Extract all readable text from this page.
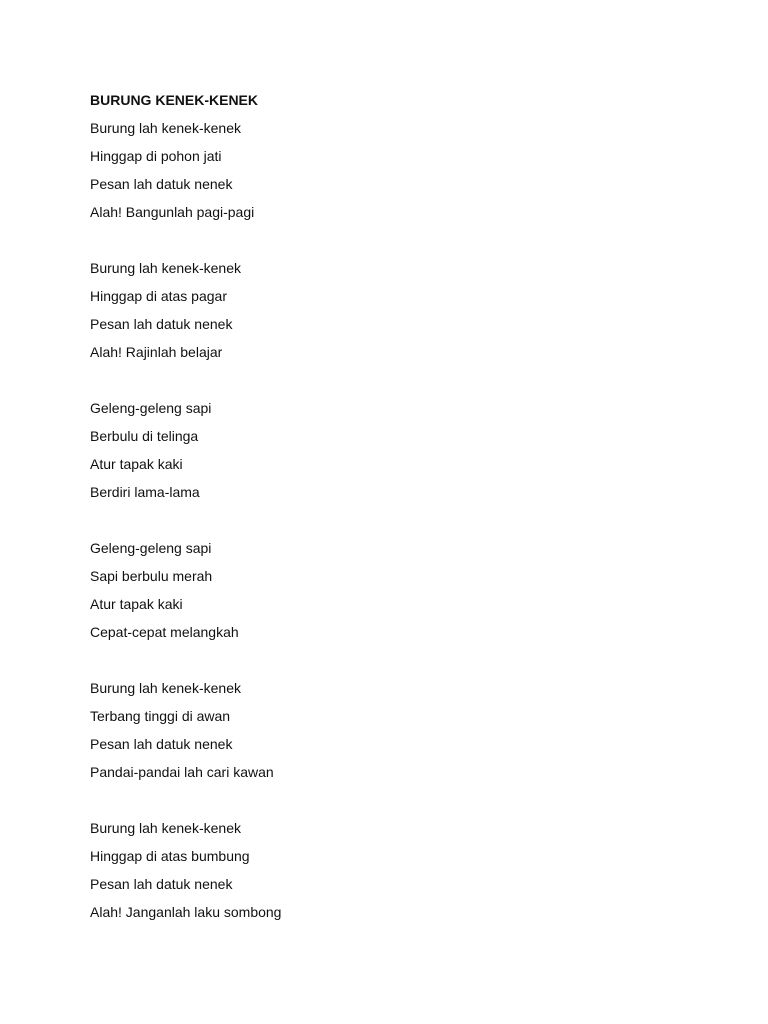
BURUNG KENEK-KENEK
Burung lah kenek-kenek
Hinggap di pohon jati
Pesan lah datuk nenek
Alah! Bangunlah pagi-pagi
Burung lah kenek-kenek
Hinggap di atas pagar
Pesan lah datuk nenek
Alah! Rajinlah belajar
Geleng-geleng sapi
Berbulu di telinga
Atur tapak kaki
Berdiri lama-lama
Geleng-geleng sapi
Sapi berbulu merah
Atur tapak kaki
Cepat-cepat melangkah
Burung lah kenek-kenek
Terbang tinggi di awan
Pesan lah datuk nenek
Pandai-pandai lah cari kawan
Burung lah kenek-kenek
Hinggap di atas bumbung
Pesan lah datuk nenek
Alah! Janganlah laku sombong
